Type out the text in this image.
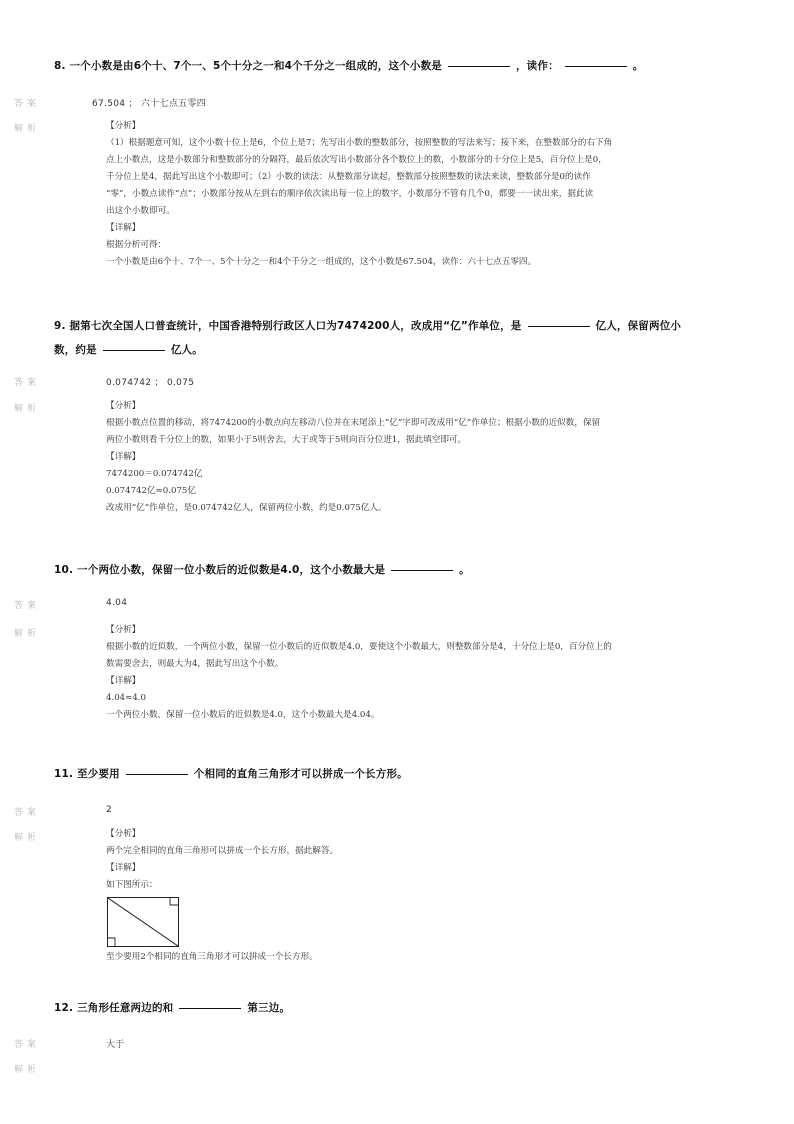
8. 一个小数是由6个十、7个一、5个十分之一和4个千分之一组成的，这个小数是	，读作：	。
答案	67.504 ； 六十七点五零四
解析	【分析】

（1）根据题意可知，这个小数十位上是6，个位上是7；先写出小数的整数部分，按照整数的写法来写；接下来，在整数部分的右下角

点上小数点，这是小数部分和整数部分的分隔符，最后依次写出小数部分各个数位上的数，小数部分的十分位上是5，百分位上是0，

千分位上是4，据此写出这个小数即可；（2）小数的读法：从整数部分读起，整数部分按照整数的读法来读，整数部分是0的读作

“零”，小数点读作“点”；小数部分按从左到右的顺序依次读出每一位上的数字，小数部分不管有几个0，都要一一读出来，据此读

出这个小数即可。

【详解】

根据分析可得：

一个小数是由6个十、7个一、5个十分之一和4个千分之一组成的，这个小数是67.504，读作：六十七点五零四。

9. 据第七次全国人口普查统计，中国香港特别行政区人口为7474200人，改成用“亿”作单位，是	亿人，保留两位小
数，约是	亿人。
答案	0.074742 ； 0.075
解析	【分析】

根据小数点位置的移动，将7474200的小数点向左移动八位并在末尾添上“亿”字即可改成用“亿”作单位；根据小数的近似数，保留

两位小数则看千分位上的数，如果小于5则舍去，大于或等于5则向百分位进1，据此填空即可。

【详解】

7474200＝0.074742亿

0.074742亿≈0.075亿

改成用“亿”作单位，是0.074742亿人，保留两位小数，约是0.075亿人。

10. 一个两位小数，保留一位小数后的近似数是4.0，这个小数最大是	。
答案	4.04
解析	【分析】

根据小数的近似数，一个两位小数，保留一位小数后的近似数是4.0，要使这个小数最大，则整数部分是4，十分位上是0，百分位上的

数需要舍去，则最大为4，据此写出这个小数。

【详解】

4.04≈4.0

一个两位小数，保留一位小数后的近似数是4.0，这个小数最大是4.04。

11. 至少要用	个相同的直角三角形才可以拼成一个长方形。
答案	2
解析	【分析】

两个完全相同的直角三角形可以拼成一个长方形，据此解答。

【详解】

如下图所示：

至少要用2个相同的直角三角形才可以拼成一个长方形。

12. 三角形任意两边的和	第三边。
答案	大于
解析
